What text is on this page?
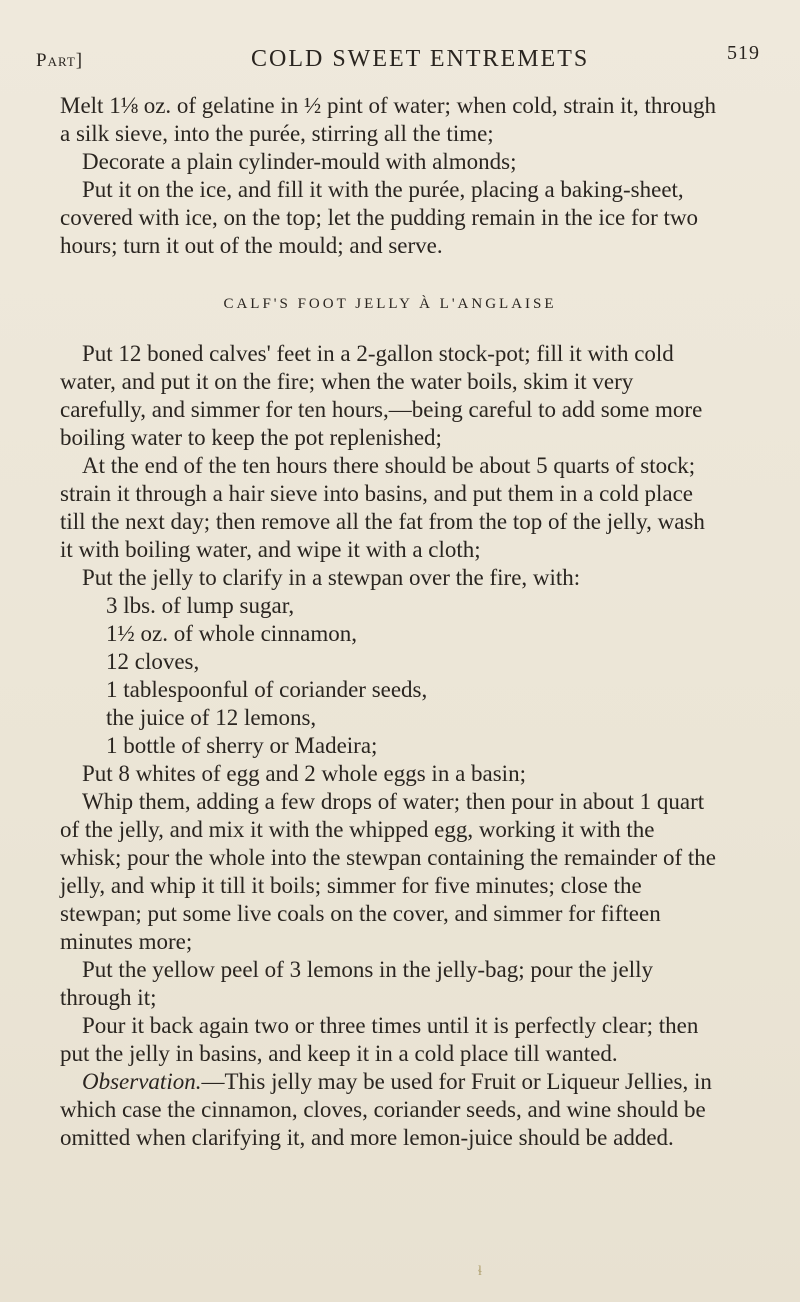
Part]	COLD SWEET ENTREMETS	519

Melt 1⅛ oz. of gelatine in ½ pint of water; when cold, strain it, through a silk sieve, into the purée, stirring all the time;

Decorate a plain cylinder-mould with almonds;

Put it on the ice, and fill it with the purée, placing a baking-sheet, covered with ice, on the top; let the pudding remain in the ice for two hours; turn it out of the mould; and serve.

CALF'S FOOT JELLY À L'ANGLAISE

Put 12 boned calves' feet in a 2-gallon stock-pot; fill it with cold water, and put it on the fire; when the water boils, skim it very carefully, and simmer for ten hours,—being careful to add some more boiling water to keep the pot replenished;

At the end of the ten hours there should be about 5 quarts of stock; strain it through a hair sieve into basins, and put them in a cold place till the next day; then remove all the fat from the top of the jelly, wash it with boiling water, and wipe it with a cloth;

Put the jelly to clarify in a stewpan over the fire, with:

3 lbs. of lump sugar,

1½ oz. of whole cinnamon,

12 cloves,

1 tablespoonful of coriander seeds,

the juice of 12 lemons,

1 bottle of sherry or Madeira;

Put 8 whites of egg and 2 whole eggs in a basin;

Whip them, adding a few drops of water; then pour in about 1 quart of the jelly, and mix it with the whipped egg, working it with the whisk; pour the whole into the stewpan containing the remainder of the jelly, and whip it till it boils; simmer for five minutes; close the stewpan; put some live coals on the cover, and simmer for fifteen minutes more;

Put the yellow peel of 3 lemons in the jelly-bag; pour the jelly through it;

Pour it back again two or three times until it is perfectly clear; then put the jelly in basins, and keep it in a cold place till wanted.

Observation.—This jelly may be used for Fruit or Liqueur Jellies, in which case the cinnamon, cloves, coriander seeds, and wine should be omitted when clarifying it, and more lemon-juice should be added.

ɬ
